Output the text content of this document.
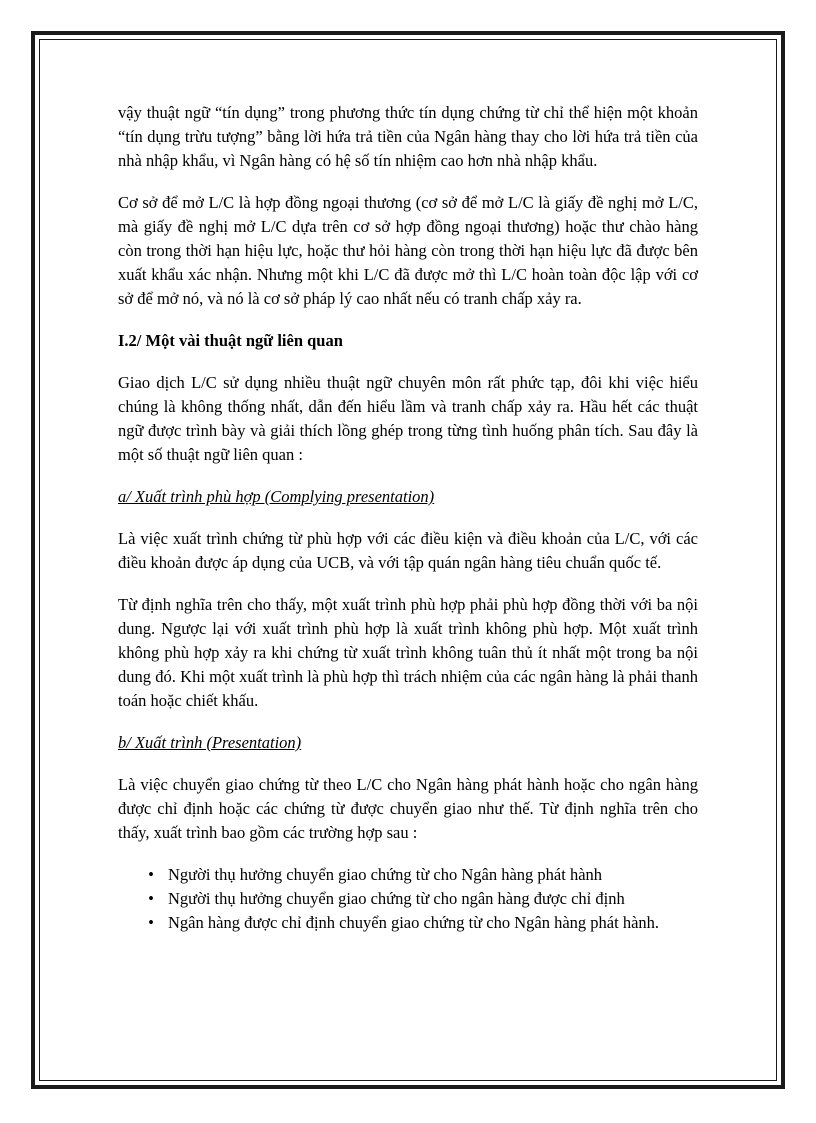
vậy thuật ngữ “tín dụng” trong phương thức tín dụng chứng từ chỉ thể hiện một khoản “tín dụng trừu tượng” bằng lời hứa trả tiền của Ngân hàng thay cho lời hứa trả tiền của nhà nhập khẩu, vì Ngân hàng có hệ số tín nhiệm cao hơn nhà nhập khẩu.

Cơ sở để mở L/C là hợp đồng ngoại thương (cơ sở để mở L/C là giấy đề nghị mở L/C, mà giấy đề nghị mở L/C dựa trên cơ sở hợp đồng ngoại thương) hoặc thư chào hàng còn trong thời hạn hiệu lực, hoặc thư hỏi hàng còn trong thời hạn hiệu lực đã được bên xuất khẩu xác nhận. Nhưng một khi L/C đã được mở thì L/C hoàn toàn độc lập với cơ sở để mở nó, và nó là cơ sở pháp lý cao nhất nếu có tranh chấp xảy ra.

I.2/ Một vài thuật ngữ liên quan

Giao dịch L/C sử dụng nhiều thuật ngữ chuyên môn rất phức tạp, đôi khi việc hiểu chúng là không thống nhất, dẫn đến hiểu lầm và tranh chấp xảy ra. Hầu hết các thuật ngữ được trình bày và giải thích lồng ghép trong từng tình huống phân tích. Sau đây là một số thuật ngữ liên quan :

a/ Xuất trình phù hợp (Complying presentation)

Là việc xuất trình chứng từ phù hợp với các điều kiện và điều khoản của L/C, với các điều khoản được áp dụng của UCB, và với tập quán ngân hàng tiêu chuẩn quốc tế.

Từ định nghĩa trên cho thấy, một xuất trình phù hợp phải phù hợp đồng thời với ba nội dung. Ngược lại với xuất trình phù hợp là xuất trình không phù hợp. Một xuất trình không phù hợp xảy ra khi chứng từ xuất trình không tuân thủ ít nhất một trong ba nội dung đó. Khi một xuất trình là phù hợp thì trách nhiệm của các ngân hàng là phải thanh toán hoặc chiết khấu.

b/ Xuất trình (Presentation)

Là việc chuyển giao chứng từ theo L/C cho Ngân hàng phát hành hoặc cho ngân hàng được chỉ định hoặc các chứng từ được chuyển giao như thế. Từ định nghĩa trên cho thấy, xuất trình bao gồm các trường hợp sau :

• Người thụ hưởng chuyển giao chứng từ cho Ngân hàng phát hành
• Người thụ hưởng chuyển giao chứng từ cho ngân hàng được chỉ định
• Ngân hàng được chỉ định chuyển giao chứng từ cho Ngân hàng phát hành.
